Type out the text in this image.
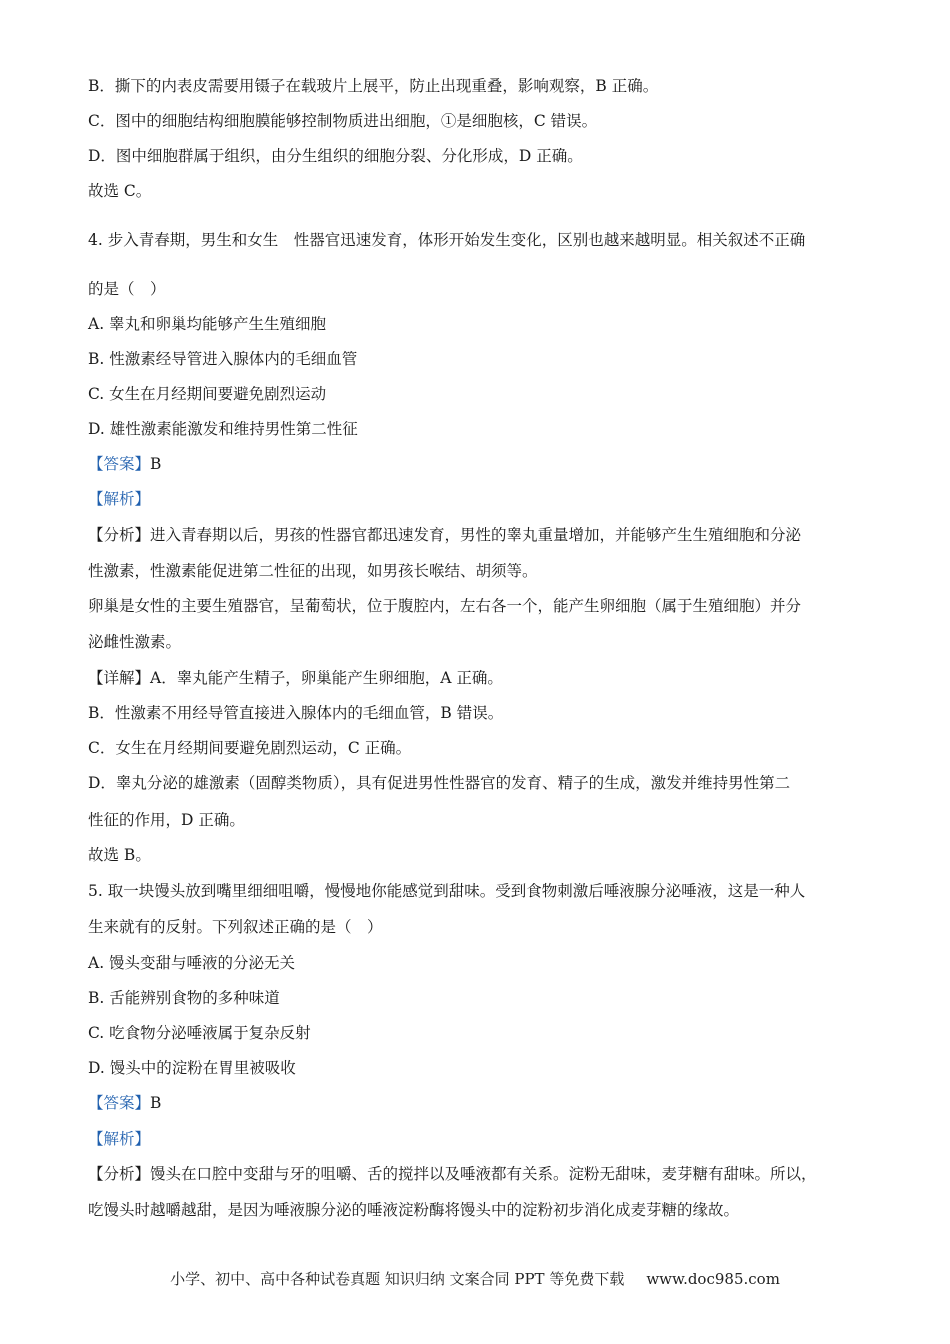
B．撕下的内表皮需要用镊子在载玻片上展平，防止出现重叠，影响观察，B 正确。
C．图中的细胞结构细胞膜能够控制物质进出细胞，①是细胞核，C 错误。
D．图中细胞群属于组织，由分生组织的细胞分裂、分化形成，D 正确。
故选 C。
4. 步入青春期，男生和女生　性器官迅速发育，体形开始发生变化，区别也越来越明显。相关叙述不正确
的是（　）
A. 睾丸和卵巢均能够产生生殖细胞
B. 性激素经导管进入腺体内的毛细血管
C. 女生在月经期间要避免剧烈运动
D. 雄性激素能激发和维持男性第二性征
【答案】B
【解析】
【分析】进入青春期以后，男孩的性器官都迅速发育，男性的睾丸重量增加，并能够产生生殖细胞和分泌
性激素，性激素能促进第二性征的出现，如男孩长喉结、胡须等。
卵巢是女性的主要生殖器官，呈葡萄状，位于腹腔内，左右各一个，能产生卵细胞（属于生殖细胞）并分
泌雌性激素。
【详解】A．睾丸能产生精子，卵巢能产生卵细胞，A 正确。
B．性激素不用经导管直接进入腺体内的毛细血管，B 错误。
C．女生在月经期间要避免剧烈运动，C 正确。
D．睾丸分泌的雄激素（固醇类物质），具有促进男性性器官的发育、精子的生成，激发并维持男性第二
性征的作用，D 正确。
故选 B。
5. 取一块馒头放到嘴里细细咀嚼，慢慢地你能感觉到甜味。受到食物刺激后唾液腺分泌唾液，这是一种人
生来就有的反射。下列叙述正确的是（　）
A. 馒头变甜与唾液的分泌无关
B. 舌能辨别食物的多种味道
C. 吃食物分泌唾液属于复杂反射
D. 馒头中的淀粉在胃里被吸收
【答案】B
【解析】
【分析】馒头在口腔中变甜与牙的咀嚼、舌的搅拌以及唾液都有关系。淀粉无甜味，麦芽糖有甜味。所以，
吃馒头时越嚼越甜，是因为唾液腺分泌的唾液淀粉酶将馒头中的淀粉初步消化成麦芽糖的缘故。
小学、初中、高中各种试卷真题 知识归纳 文案合同 PPT 等免费下载 www.doc985.com
